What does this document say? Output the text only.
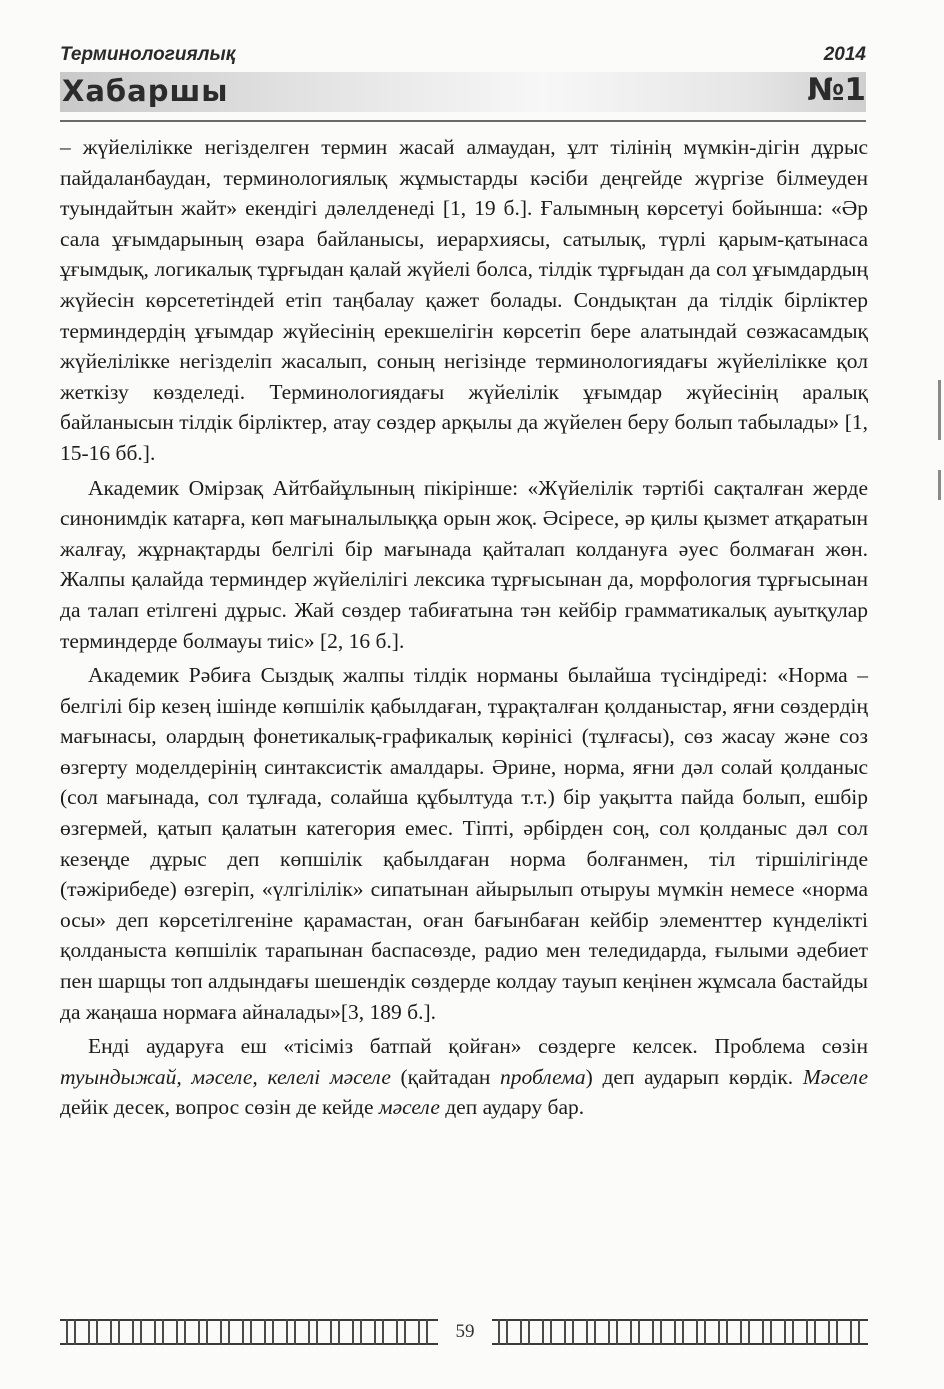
Терминологиялық	2014
Хабаршы	№1

– жүйелілікке негізделген термин жасай алмаудан, ұлт тілінің мүмкін-дігін дұрыс пайдаланбаудан, терминологиялық жұмыстарды кәсіби деңгейде жүргізе білмеуден туындайтын жайт» екендігі дәлелденеді [1, 19 б.]. Ғалымның көрсетуі бойынша: «Әр сала ұғымдарының өзара байланысы, иерархиясы, сатылық, түрлі қарым-қатынаса ұғымдық, логикалық тұрғыдан қалай жүйелі болса, тілдік тұрғыдан да сол ұғымдардың жүйесін көрсететіндей етіп таңбалау қажет болады. Сондықтан да тілдік бірліктер терминдердің ұғымдар жүйесінің ерекшелігін көрсетіп бере алатындай сөзжасамдық жүйелілікке негізделіп жасалып, соның негізінде терминологиядағы жүйелілікке қол жеткізу көзделеді. Терминологиядағы жүйелілік ұғымдар жүйесінің аралық байланысын тілдік бірліктер, атау сөздер арқылы да жүйелен беру болып табылады» [1, 15-16 бб.].

Академик Омірзақ Айтбайұлының пікірінше: «Жүйелілік тәртібі сақталған жерде синонимдік катарға, көп мағыналылыққа орын жоқ. Әсіресе, әр қилы қызмет атқаратын жалғау, жұрнақтарды белгілі бір мағынада қайталап колдануға әуес болмаған жөн. Жалпы қалайда терминдер жүйелілігі лексика тұрғысынан да, морфология тұрғысынан да талап етілгені дұрыс. Жай сөздер табиғатына тән кейбір грамматикалық ауытқулар терминдерде болмауы тиіс» [2, 16 б.].

Академик Рәбиға Сыздық жалпы тілдік норманы былайша түсіндіреді: «Норма – белгілі бір кезең ішінде көпшілік қабылдаған, тұрақталған қолданыстар, яғни сөздердің мағынасы, олардың фонетикалық-графикалық көрінісі (тұлғасы), сөз жасау және соз өзгерту моделдерінің синтаксистік амалдары. Әрине, норма, яғни дәл солай қолданыс (сол мағынада, сол тұлғада, солайша құбылтуда т.т.) бір уақытта пайда болып, ешбір өзгермей, қатып қалатын категория емес. Тіпті, әрбірден соң, сол қолданыс дәл сол кезеңде дұрыс деп көпшілік қабылдаған норма болғанмен, тіл тіршілігінде (тәжірибеде) өзгеріп, «үлгілілік» сипатынан айырылып отыруы мүмкін немесе «норма осы» деп көрсетілгеніне қарамастан, оған бағынбаған кейбір элементтер күнделікті қолданыста көпшілік тарапынан баспасөзде, радио мен теледидарда, ғылыми әдебиет пен шарщы топ алдындағы шешендік сөздерде колдау тауып кеңінен жұмсала бастайды да жаңаша нормаға айналады»[3, 189 б.].

Енді аударуға еш «тісіміз батпай қойған» сөздерге келсек. Проблема сөзін туындыжай, мәселе, келелі мәселе (қайтадан проблема) деп аударып көрдік. Мәселе дейік десек, вопрос сөзін де кейде мәселе деп аудару бар.

59
